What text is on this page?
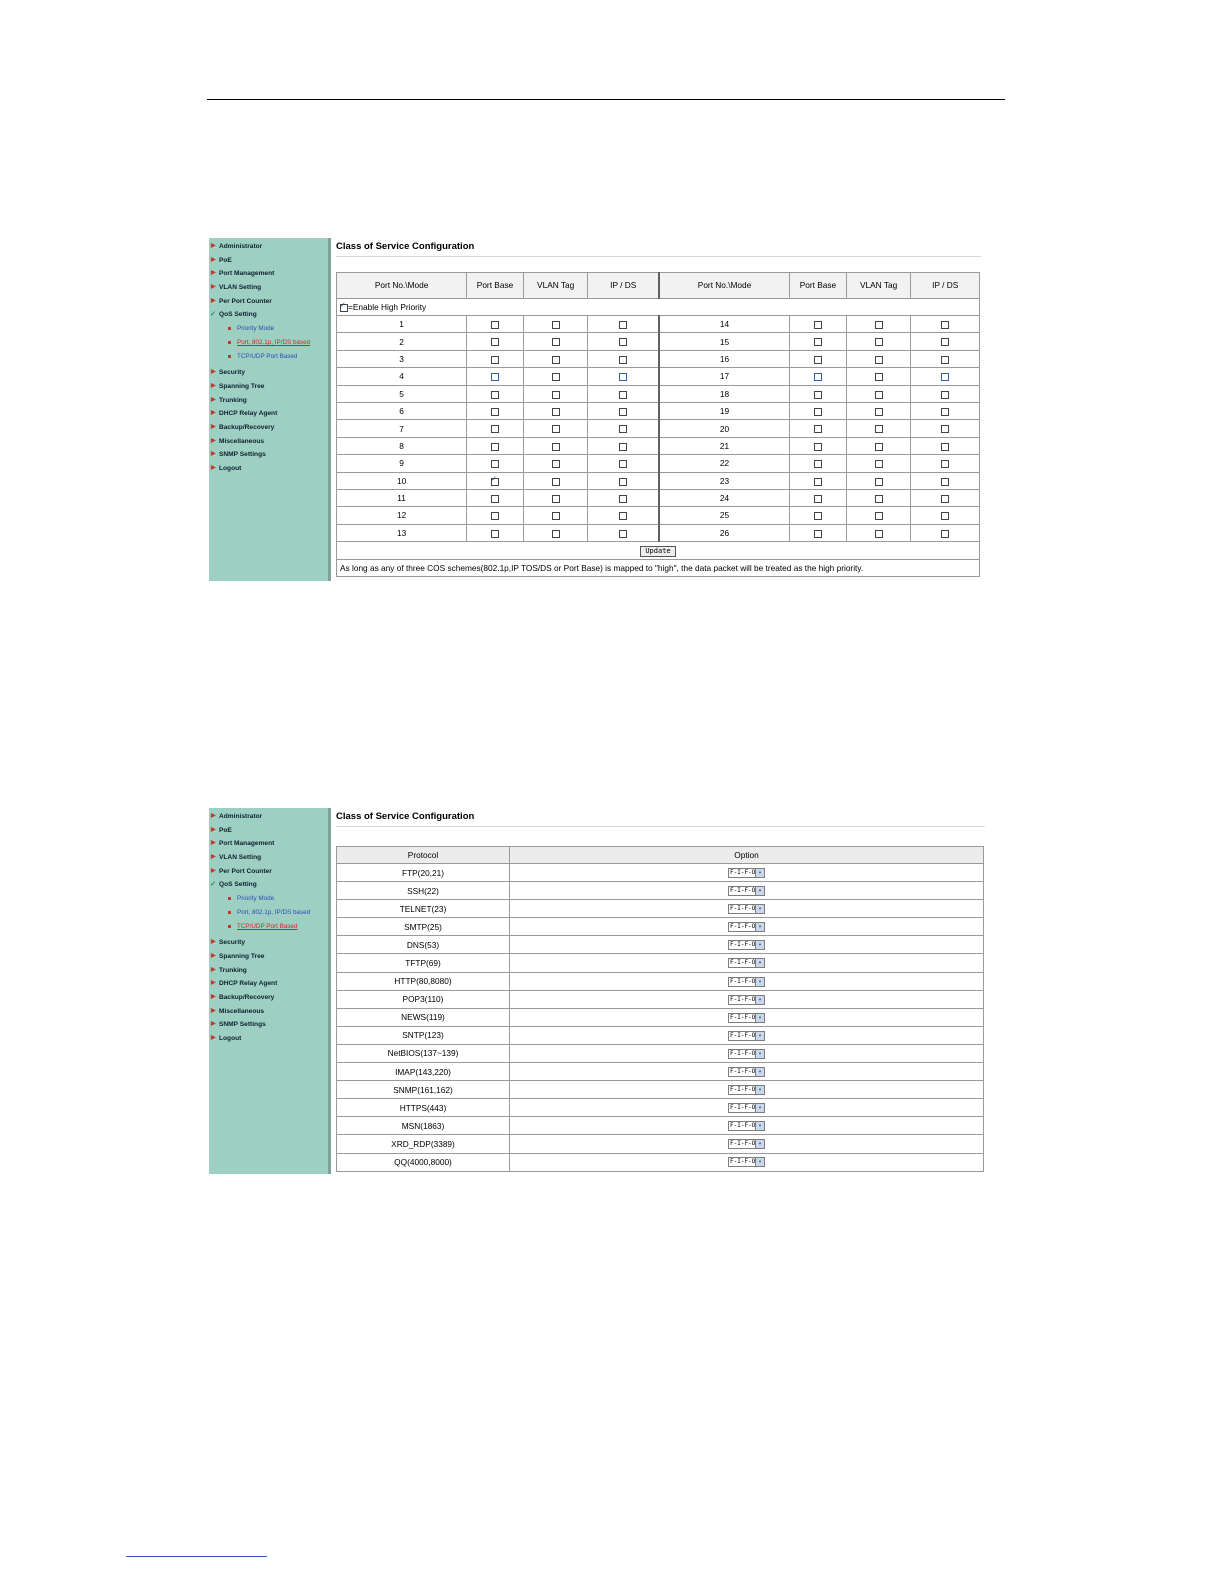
▶ Administrator
▶ PoE
▶ Port Management
▶ VLAN Setting
▶ Per Port Counter
✓ QoS Setting
Priority Mode
Port, 802.1p, IP/DS based
TCP/UDP Port Based
▶ Security
▶ Spanning Tree
▶ Trunking
▶ DHCP Relay Agent
▶ Backup/Recovery
▶ Miscellaneous
▶ SNMP Settings
▶ Logout
Class of Service Configuration
✓=Enable High Priority
Port No.\Mode	Port Base	VLAN Tag	IP / DS	Port No.\Mode	Port Base	VLAN Tag	IP / DS
1				14			
2				15			
3				16			
4				17			
5				18			
6				19			
7				20			
8				21			
9				22			
10	✓			23			
11				24			
12				25			
13				26			
Update							
As long as any of three COS schemes(802.1p,IP TOS/DS or Port Base) is mapped to "high", the data packet will be treated as the high priority.							
▶ Administrator
▶ PoE
▶ Port Management
▶ VLAN Setting
▶ Per Port Counter
✓ QoS Setting
Priority Mode
Port, 802.1p, IP/DS based
TCP/UDP Port Based
▶ Security
▶ Spanning Tree
▶ Trunking
▶ DHCP Relay Agent
▶ Backup/Recovery
▶ Miscellaneous
▶ SNMP Settings
▶ Logout
Class of Service Configuration
Protocol	Option
FTP(20,21)	F-I-F-O ▾

SSH(22)	F-I-F-O ▾

TELNET(23)	F-I-F-O ▾

SMTP(25)	F-I-F-O ▾

DNS(53)	F-I-F-O ▾

TFTP(69)	F-I-F-O ▾

HTTP(80,8080)	F-I-F-O ▾

POP3(110)	F-I-F-O ▾

NEWS(119)	F-I-F-O ▾

SNTP(123)	F-I-F-O ▾

NetBIOS(137~139)	F-I-F-O ▾

IMAP(143,220)	F-I-F-O ▾

SNMP(161,162)	F-I-F-O ▾

HTTPS(443)	F-I-F-O ▾

MSN(1863)	F-I-F-O ▾

XRD_RDP(3389)	F-I-F-O ▾

QQ(4000,8000)	F-I-F-O ▾
